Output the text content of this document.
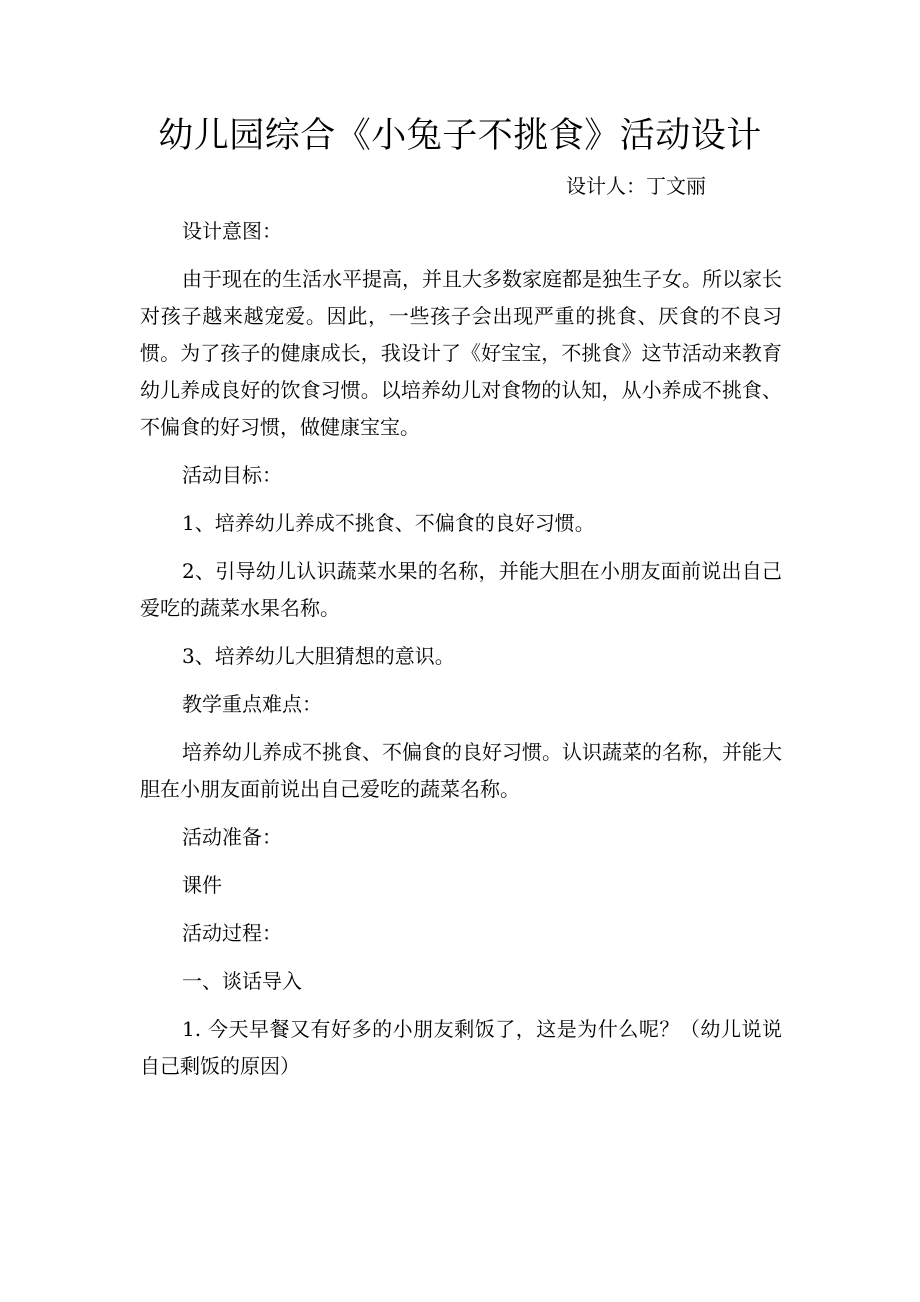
幼儿园综合《小兔子不挑食》活动设计
设计人：丁文丽

设计意图：

由于现在的生活水平提高，并且大多数家庭都是独生子女。所以家长对孩子越来越宠爱。因此，一些孩子会出现严重的挑食、厌食的不良习惯。为了孩子的健康成长，我设计了《好宝宝，不挑食》这节活动来教育幼儿养成良好的饮食习惯。以培养幼儿对食物的认知，从小养成不挑食、不偏食的好习惯，做健康宝宝。

活动目标：

1、培养幼儿养成不挑食、不偏食的良好习惯。

2、引导幼儿认识蔬菜水果的名称，并能大胆在小朋友面前说出自己爱吃的蔬菜水果名称。

3、培养幼儿大胆猜想的意识。

教学重点难点：

培养幼儿养成不挑食、不偏食的良好习惯。认识蔬菜的名称，并能大胆在小朋友面前说出自己爱吃的蔬菜名称。

活动准备：

课件

活动过程：

一、谈话导入

1. 今天早餐又有好多的小朋友剩饭了，这是为什么呢？（幼儿说说自己剩饭的原因）
